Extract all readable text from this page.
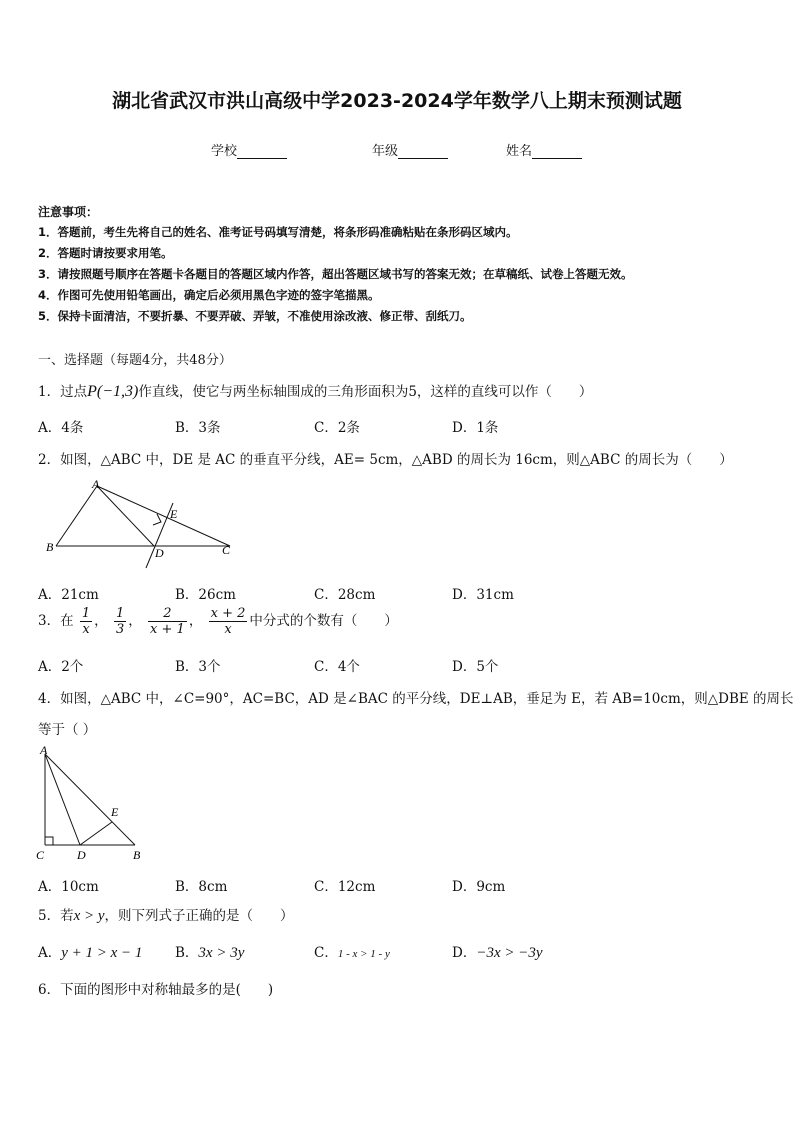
湖北省武汉市洪山高级中学2023-2024学年数学八上期末预测试题
学校	年级	姓名
注意事项：
1．答题前，考生先将自己的姓名、准考证号码填写清楚，将条形码准确粘贴在条形码区域内。
2．答题时请按要求用笔。
3．请按照题号顺序在答题卡各题目的答题区域内作答，超出答题区域书写的答案无效；在草稿纸、试卷上答题无效。
4．作图可先使用铅笔画出，确定后必须用黑色字迹的签字笔描黑。
5．保持卡面清洁，不要折暴、不要弄破、弄皱，不准使用涂改液、修正带、刮纸刀。
一、选择题（每题4分，共48分）
1．过点P(−1,3)作直线，使它与两坐标轴围成的三角形面积为5，这样的直线可以作（　　）
A．4条	B．3条	C．2条	D．1条
2．如图，△ABC 中，DE 是 AC 的垂直平分线，AE= 5cm，△ABD 的周长为 16cm，则△ABC 的周长为（　　）
A
B	C
D
E
A．21cm	B．26cm	C．28cm	D．31cm
3．在 $\frac{1}{x}$ ， $\frac{1}{3}$ ， $\frac{2}{x + 1}$ ， $\frac{x + 2}{x}$ 中分式的个数有（　　）
A．2个	B．3个	C．4个	D．5个
4．如图，△ABC 中，∠C=90°，AC=BC，AD 是∠BAC 的平分线，DE⊥AB，垂足为 E，若 AB=10cm，则△DBE 的周长
等于（ ）
A
C	D	B
E
A．10cm	B．8cm	C．12cm	D．9cm
5．若x > y，则下列式子正确的是（　　）
A．y + 1 > x − 1 B．3x > 3y	C．1 - x > 1 - y	D．−3x > −3y
6．下面的图形中对称轴最多的是(　　)
